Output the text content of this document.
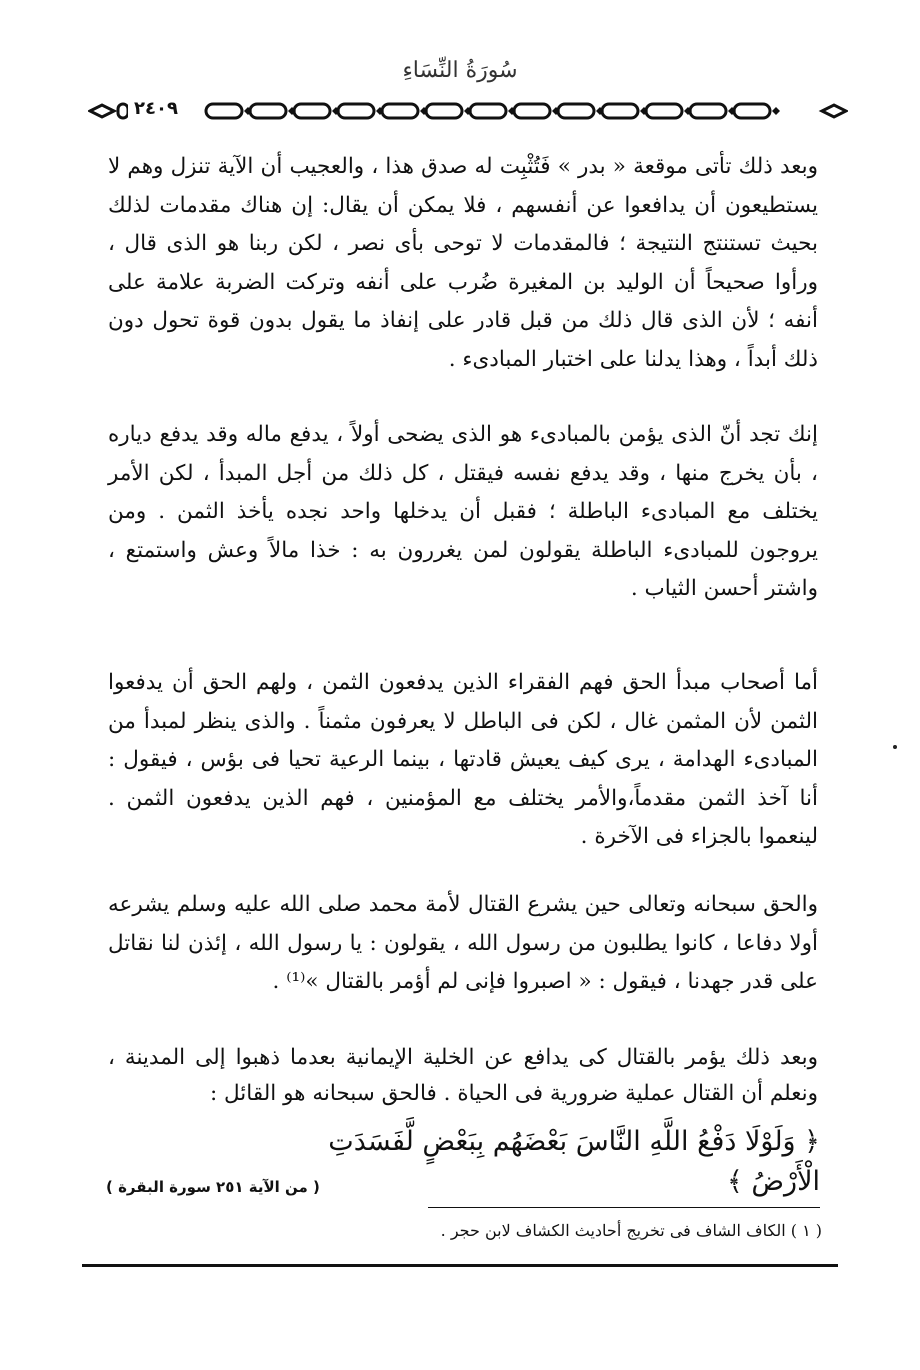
سُورَةُ النِّسَاءِ
٢٤٠٩

وبعد ذلك تأتى موقعة « بدر » فَتُثْبِت له صدق هذا ، والعجيب أن الآية تنزل وهم لا يستطيعون أن يدافعوا عن أنفسهم ، فلا يمكن أن يقال: إن هناك مقدمات لذلك بحيث تستنتج النتيجة ؛ فالمقدمات لا توحى بأى نصر ، لكن ربنا هو الذى قال ، ورأوا صحيحاً أن الوليد بن المغيرة ضُرب على أنفه وتركت الضربة علامة على أنفه ؛ لأن الذى قال ذلك من قبل قادر على إنفاذ ما يقول بدون قوة تحول دون ذلك أبداً ، وهذا يدلنا على اختبار المبادىء .

إنك تجد أنّ الذى يؤمن بالمبادىء هو الذى يضحى أولاً ، يدفع ماله وقد يدفع دياره ، بأن يخرج منها ، وقد يدفع نفسه فيقتل ، كل ذلك من أجل المبدأ ، لكن الأمر يختلف مع المبادىء الباطلة ؛ فقبل أن يدخلها واحد نجده يأخذ الثمن . ومن يروجون للمبادىء الباطلة يقولون لمن يغررون به : خذا مالاً وعش واستمتع ، واشتر أحسن الثياب .

أما أصحاب مبدأ الحق فهم الفقراء الذين يدفعون الثمن ، ولهم الحق أن يدفعوا الثمن لأن المثمن غال ، لكن فى الباطل لا يعرفون مثمناً . والذى ينظر لمبدأ من المبادىء الهدامة ، يرى كيف يعيش قادتها ، بينما الرعية تحيا فى بؤس ، فيقول : أنا آخذ الثمن مقدماً،والأمر يختلف مع المؤمنين ، فهم الذين يدفعون الثمن . لينعموا بالجزاء فى الآخرة .

والحق سبحانه وتعالى حين يشرع القتال لأمة محمد صلى الله عليه وسلم يشرعه أولا دفاعا ، كانوا يطلبون من رسول الله ، يقولون : يا رسول الله ، إئذن لنا نقاتل على قدر جهدنا ، فيقول : « اصبروا فإنى لم أؤمر بالقتال »⁽¹⁾ .

وبعد ذلك يؤمر بالقتال كى يدافع عن الخلية الإيمانية بعدما ذهبوا إلى المدينة ، ونعلم أن القتال عملية ضرورية فى الحياة . فالحق سبحانه هو القائل :

﴿ وَلَوْلَا دَفْعُ اللَّهِ النَّاسَ بَعْضَهُم بِبَعْضٍ لَّفَسَدَتِ الْأَرْضُ ﴾
( من الآية ٢٥١ سورة البقرة )
( ١ ) الكاف الشاف فى تخريج أحاديث الكشاف لابن حجر .
